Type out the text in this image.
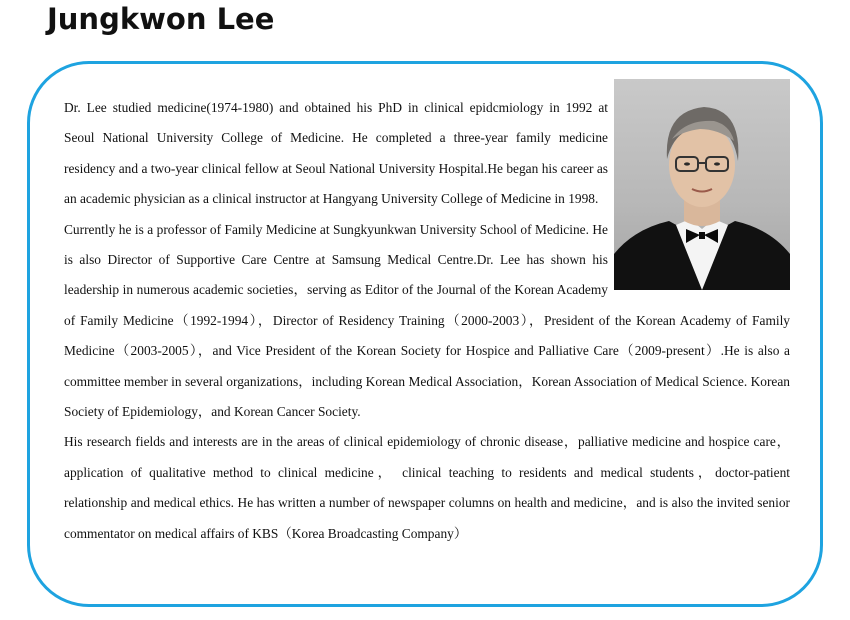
Jungkwon Lee

Dr. Lee studied medicine(1974-1980) and obtained his PhD in clinical epidcmiology in 1992 at Seoul National University College of Medicine. He completed a three-year family medicine residency and a two-year clinical fellow at Seoul National University Hospital.He began his career as an academic physician as a clinical instructor at Hangyang University College of Medicine in 1998.

Currently he is a professor of Family Medicine at Sungkyunkwan University School of Medicine. He is also Director of Supportive Care Centre at Samsung Medical Centre.Dr. Lee has shown his leadership in numerous academic societies，serving as Editor of the Journal of the Korean Academy of Family Medicine（1992-1994），Director of Residency Training（2000-2003），President of the Korean Academy of Family Medicine（2003-2005），and Vice President of the Korean Society for Hospice and Palliative Care（2009-present）.He is also a committee member in several organizations，including Korean Medical Association，Korean Association of Medical Science. Korean Society of Epidemiology，and Korean Cancer Society.

His research fields and interests are in the areas of clinical epidemiology of chronic disease，palliative medicine and hospice care，application of qualitative method to clinical medicine， clinical teaching to residents and medical students，doctor-patient relationship and medical ethics. He has written a number of newspaper columns on health and medicine，and is also the invited senior commentator on medical affairs of KBS（Korea Broadcasting Company）
